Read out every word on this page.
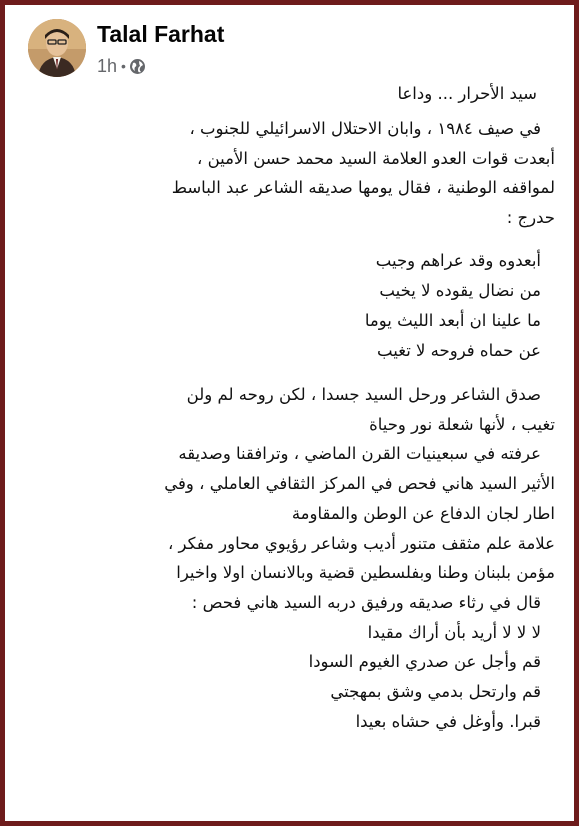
Talal Farhat
1h •

سيد الأحرار ... وداعا

في صيف ١٩٨٤ ، وابان الاحتلال الاسرائيلي للجنوب ،

أبعدت قوات العدو العلامة السيد محمد حسن الأمين ،

لمواقفه الوطنية ، فقال يومها صديقه الشاعر عبد الباسط

حدرج :

أبعدوه وقد عراهم وجيب

من نضال يقوده لا يخيب

ما علينا ان أبعد الليث يوما

عن حماه فروحه لا تغيب

صدق الشاعر ورحل السيد جسدا ، لكن روحه لم ولن

تغيب ، لأنها شعلة نور وحياة

عرفته في سبعينيات القرن الماضي ، وترافقنا وصديقه

الأثير السيد هاني فحص في المركز الثقافي العاملي ، وفي

اطار لجان الدفاع عن الوطن والمقاومة

علامة علم مثقف متنور أديب وشاعر رؤيوي محاور مفكر ،

مؤمن بلبنان وطنا وبفلسطين قضية وبالانسان اولا واخيرا

قال في رثاء صديقه ورفيق دربه السيد هاني فحص :

لا لا لا أريد بأن أراك مقيدا

قم وأجل عن صدري الغيوم السودا

قم وارتحل بدمي وشق بمهجتي

قبرا. وأوغل في حشاه بعيدا
